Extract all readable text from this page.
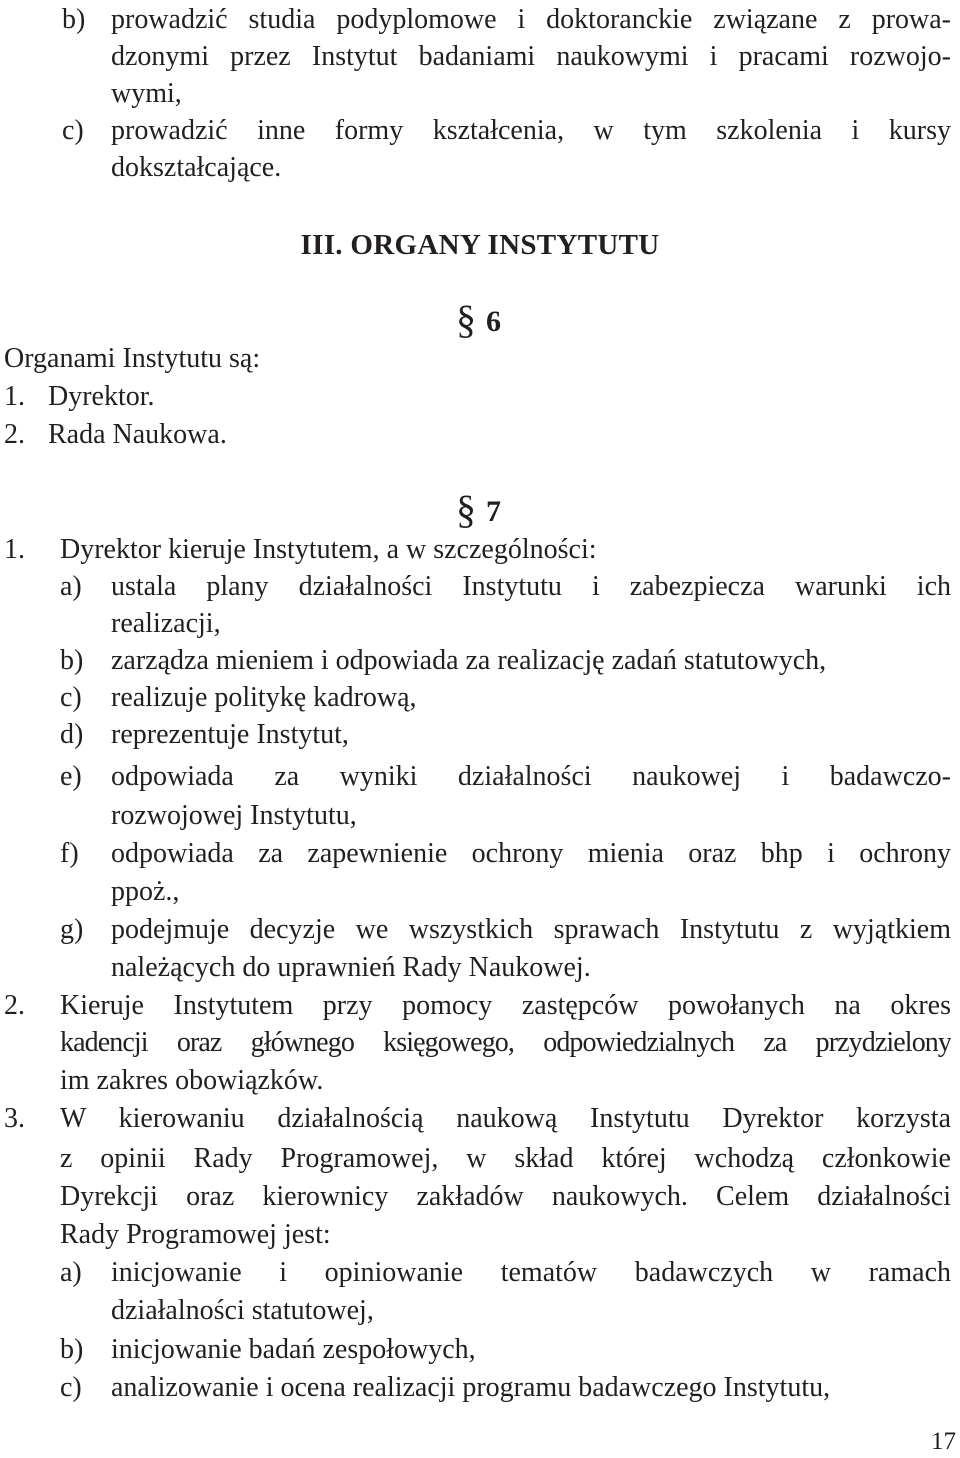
b) prowadzić studia podyplomowe i doktoranckie związane z prowa-
dzonymi przez Instytut badaniami naukowymi i pracami rozwojo-
wymi,
c) prowadzić inne formy kształcenia, w tym szkolenia i kursy
dokształcające.
III. ORGANY INSTYTUTU
§ 6
Organami Instytutu są:
1. Dyrektor.
2. Rada Naukowa.
§ 7
1. Dyrektor kieruje Instytutem, a w szczególności:
a) ustala plany działalności Instytutu i zabezpiecza warunki ich
realizacji,
b) zarządza mieniem i odpowiada za realizację zadań statutowych,
c) realizuje politykę kadrową,
d) reprezentuje Instytut,
e) odpowiada za wyniki działalności naukowej i badawczo-
rozwojowej Instytutu,
f) odpowiada za zapewnienie ochrony mienia oraz bhp i ochrony
ppoż.,
g) podejmuje decyzje we wszystkich sprawach Instytutu z wyjątkiem
należących do uprawnień Rady Naukowej.
2. Kieruje Instytutem przy pomocy zastępców powołanych na okres
kadencji oraz głównego księgowego, odpowiedzialnych za przydzielony
im zakres obowiązków.
3. W kierowaniu działalnością naukową Instytutu Dyrektor korzysta
z opinii Rady Programowej, w skład której wchodzą członkowie
Dyrekcji oraz kierownicy zakładów naukowych. Celem działalności
Rady Programowej jest:
a) inicjowanie i opiniowanie tematów badawczych w ramach
działalności statutowej,
b) inicjowanie badań zespołowych,
c) analizowanie i ocena realizacji programu badawczego Instytutu,
17
